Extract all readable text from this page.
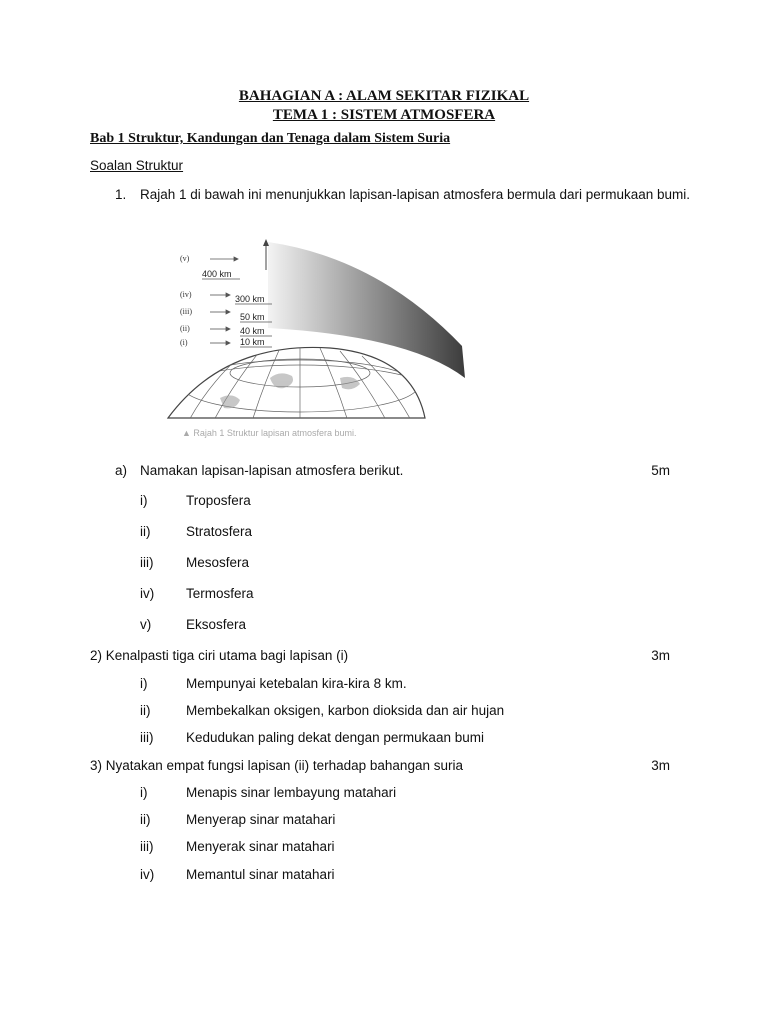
BAHAGIAN A : ALAM SEKITAR FIZIKAL
TEMA 1 : SISTEM ATMOSFERA
Bab 1 Struktur, Kandungan dan Tenaga dalam Sistem Suria
Soalan Struktur
1. Rajah 1 di bawah ini menunjukkan lapisan-lapisan atmosfera bermula dari permukaan bumi.
(v)
(iv)
(iii)
(ii)
(i)
400 km
300 km
50 km
40 km
10 km
▲ Rajah 1 Struktur lapisan atmosfera bumi.
a) Namakan lapisan-lapisan atmosfera berikut.	5m
i)	Troposfera
ii)	Stratosfera
iii) Mesosfera
iv) Termosfera
v)	Eksosfera
2) Kenalpasti tiga ciri utama bagi lapisan (i)	3m
i)	Mempunyai ketebalan kira-kira 8 km.
ii)	Membekalkan oksigen, karbon dioksida dan air hujan
iii) Kedudukan paling dekat dengan permukaan bumi
3) Nyatakan empat fungsi lapisan (ii) terhadap bahangan suria	3m
i)	Menapis sinar lembayung matahari
ii)	Menyerap sinar matahari
iii) Menyerak sinar matahari
iv) Memantul sinar matahari
